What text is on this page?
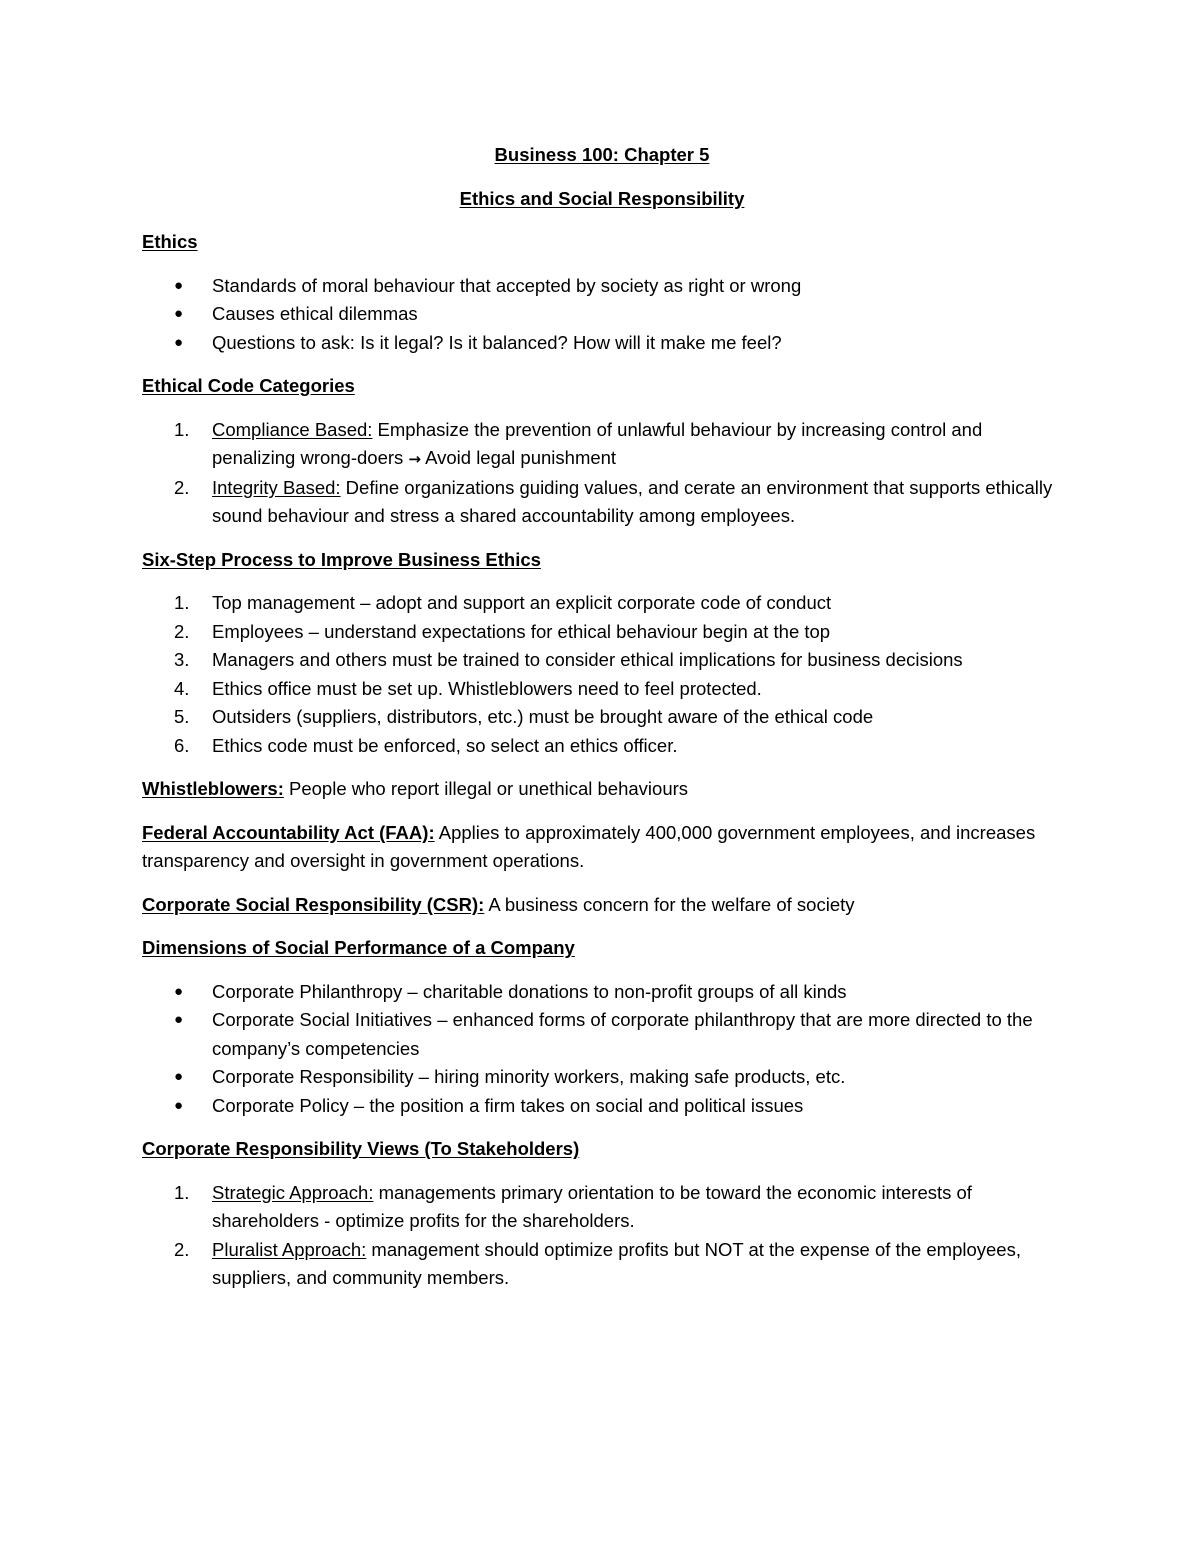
Business 100: Chapter 5
Ethics and Social Responsibility
Ethics
●	Standards of moral behaviour that accepted by society as right or wrong
●	Causes ethical dilemmas
●	Questions to ask: Is it legal? Is it balanced? How will it make me feel?
Ethical Code Categories
1. Compliance Based: Emphasize the prevention of unlawful behaviour by increasing control and penalizing wrong-doers → Avoid legal punishment
2. Integrity Based: Define organizations guiding values, and cerate an environment that supports ethically sound behaviour and stress a shared accountability among employees.
Six-Step Process to Improve Business Ethics
1. Top management – adopt and support an explicit corporate code of conduct
2. Employees – understand expectations for ethical behaviour begin at the top
3. Managers and others must be trained to consider ethical implications for business decisions
4. Ethics office must be set up. Whistleblowers need to feel protected.
5. Outsiders (suppliers, distributors, etc.) must be brought aware of the ethical code
6. Ethics code must be enforced, so select an ethics officer.
Whistleblowers: People who report illegal or unethical behaviours
Federal Accountability Act (FAA): Applies to approximately 400,000 government employees, and increases transparency and oversight in government operations.
Corporate Social Responsibility (CSR): A business concern for the welfare of society
Dimensions of Social Performance of a Company
●	Corporate Philanthropy – charitable donations to non-profit groups of all kinds
●	Corporate Social Initiatives – enhanced forms of corporate philanthropy that are more directed to the company’s competencies
●	Corporate Responsibility – hiring minority workers, making safe products, etc.
●	Corporate Policy – the position a firm takes on social and political issues
Corporate Responsibility Views (To Stakeholders)
1. Strategic Approach: managements primary orientation to be toward the economic interests of shareholders - optimize profits for the shareholders.
2. Pluralist Approach: management should optimize profits but NOT at the expense of the employees, suppliers, and community members.
